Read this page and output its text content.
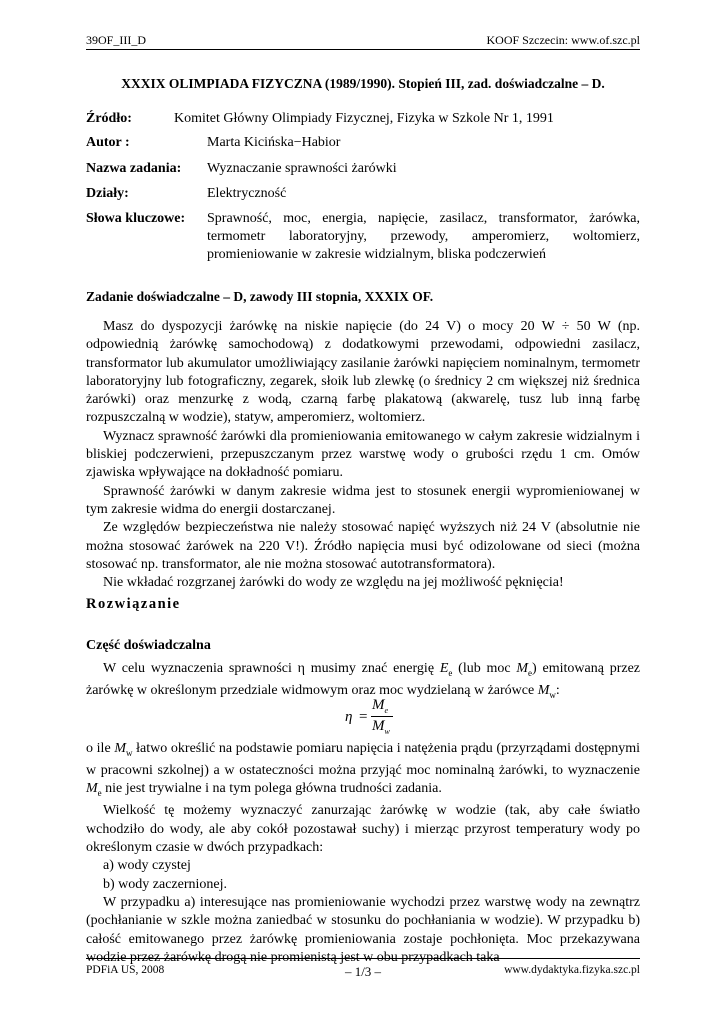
39OF_III_D	KOOF Szczecin: www.of.szc.pl
XXXIX OLIMPIADA FIZYCZNA (1989/1990). Stopień III, zad. doświadczalne – D.
Źródło:	Komitet Główny Olimpiady Fizycznej, Fizyka w Szkole Nr 1, 1991
Autor :	Marta Kicińska−Habior
Nazwa zadania: Wyznaczanie sprawności żarówki
Działy:	Elektryczność
Słowa kluczowe: Sprawność, moc, energia, napięcie, zasilacz, transformator, żarówka, termometr laboratoryjny, przewody, amperomierz, woltomierz, promieniowanie w zakresie widzialnym, bliska podczerwień
Zadanie doświadczalne – D, zawody III stopnia, XXXIX OF.

Masz do dyspozycji żarówkę na niskie napięcie (do 24 V) o mocy 20 W ÷ 50 W (np. odpowiednią żarówkę samochodową) z dodatkowymi przewodami, odpowiedni zasilacz, transformator lub akumulator umożliwiający zasilanie żarówki napięciem nominalnym, termometr laboratoryjny lub fotograficzny, zegarek, słoik lub zlewkę (o średnicy 2 cm większej niż średnica żarówki) oraz menzurkę z wodą, czarną farbę plakatową (akwarelę, tusz lub inną farbę rozpuszczalną w wodzie), statyw, amperomierz, woltomierz.

Wyznacz sprawność żarówki dla promieniowania emitowanego w całym zakresie widzialnym i bliskiej podczerwieni, przepuszczanym przez warstwę wody o grubości rzędu 1 cm. Omów zjawiska wpływające na dokładność pomiaru.

Sprawność żarówki w danym zakresie widma jest to stosunek energii wypromieniowanej w tym zakresie widma do energii dostarczanej.

Ze względów bezpieczeństwa nie należy stosować napięć wyższych niż 24 V (absolutnie nie można stosować żarówek na 220 V!). Źródło napięcia musi być odizolowane od sieci (można stosować np. transformator, ale nie można stosować autotransformatora).

Nie wkładać rozgrzanej żarówki do wody ze względu na jej możliwość pęknięcia!

Rozwiązanie
Część doświadczalna

W celu wyznaczenia sprawności η musimy znać energię $E_e$ (lub moc $M_e$) emitowaną przez żarówkę w określonym przedziale widmowym oraz moc wydzielaną w żarówce $M_w$:

η =
$M_e$
$M_w$

o ile $M_w$ łatwo określić na podstawie pomiaru napięcia i natężenia prądu (przyrządami dostępnymi w pracowni szkolnej) a w ostateczności można przyjąć moc nominalną żarówki, to wyznaczenie $M_e$ nie jest trywialne i na tym polega główna trudności zadania.

Wielkość tę możemy wyznaczyć zanurzając żarówkę w wodzie (tak, aby całe światło wchodziło do wody, ale aby cokół pozostawał suchy) i mierząc przyrost temperatury wody po określonym czasie w dwóch przypadkach:

a) wody czystej

b) wody zaczernionej.

W przypadku a) interesujące nas promieniowanie wychodzi przez warstwę wody na zewnątrz (pochłanianie w szkle można zaniedbać w stosunku do pochłaniania w wodzie). W przypadku b) całość emitowanego przez żarówkę promieniowania zostaje pochłonięta. Moc przekazywana wodzie przez żarówkę drogą nie promienistą jest w obu przypadkach taka

PDFiA US, 2008	– 1/3 –	www.dydaktyka.fizyka.szc.pl
